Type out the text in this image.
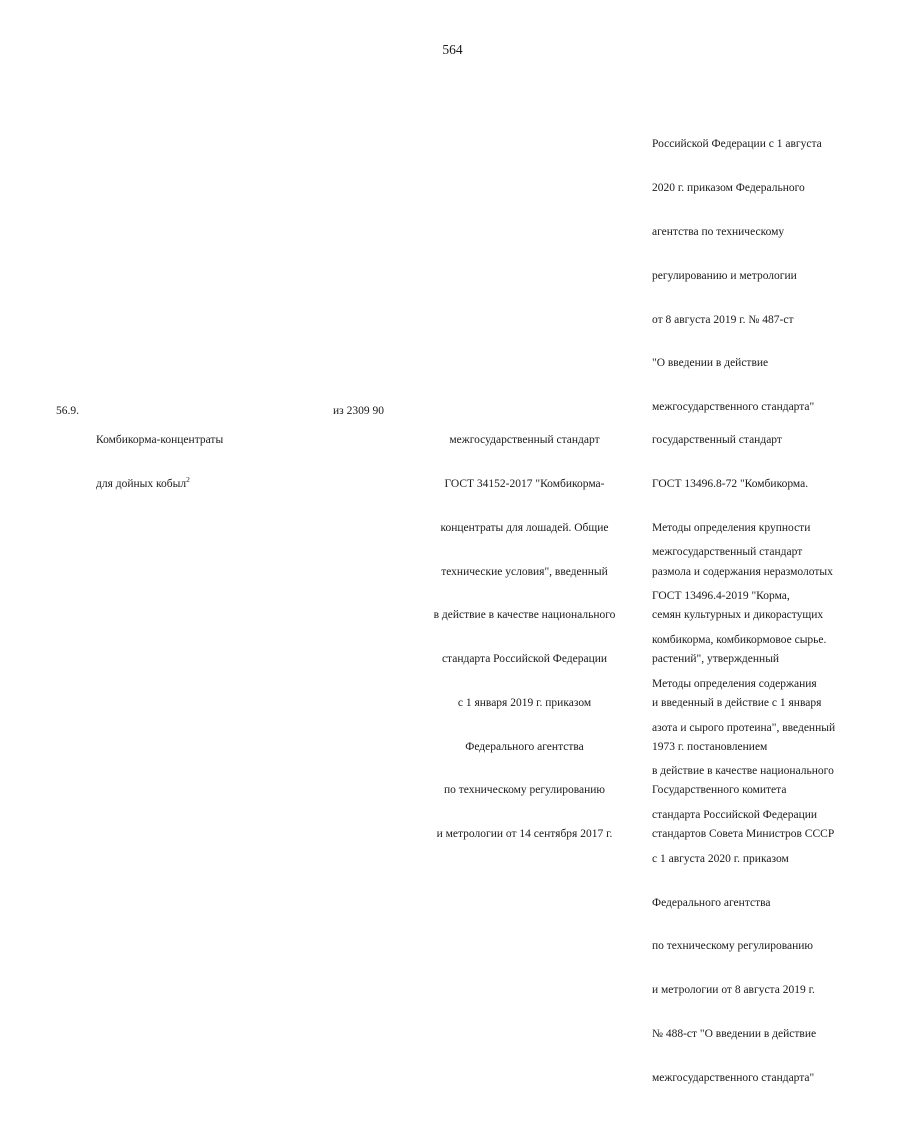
564

Российской Федерации с 1 августа

2020 г. приказом Федерального

агентства по техническому

регулированию и метрологии

от 8 августа 2019 г. № 487-ст

"О введении в действие

межгосударственного стандарта"

межгосударственный стандарт

ГОСТ 13496.4-2019 "Корма,

комбикорма, комбикормовое сырье.

Методы определения содержания

азота и сырого протеина", введенный

в действие в качестве национального

стандарта Российской Федерации

с 1 августа 2020 г. приказом

Федерального агентства

по техническому регулированию

и метрологии от 8 августа 2019 г.

№ 488-ст "О введении в действие

межгосударственного стандарта"

56.9.

Комбикорма-концентраты

для дойных кобыл$^2$

из 2309 90

межгосударственный стандарт

ГОСТ 34152-2017 "Комбикорма-

концентраты для лошадей. Общие

технические условия", введенный

в действие в качестве национального

стандарта Российской Федерации

с 1 января 2019 г. приказом

Федерального агентства

по техническому регулированию

и метрологии от 14 сентября 2017 г.

государственный стандарт

ГОСТ 13496.8-72 "Комбикорма.

Методы определения крупности

размола и содержания неразмолотых

семян культурных и дикорастущих

растений", утвержденный

и введенный в действие с 1 января

1973 г. постановлением

Государственного комитета

стандартов Совета Министров СССР
